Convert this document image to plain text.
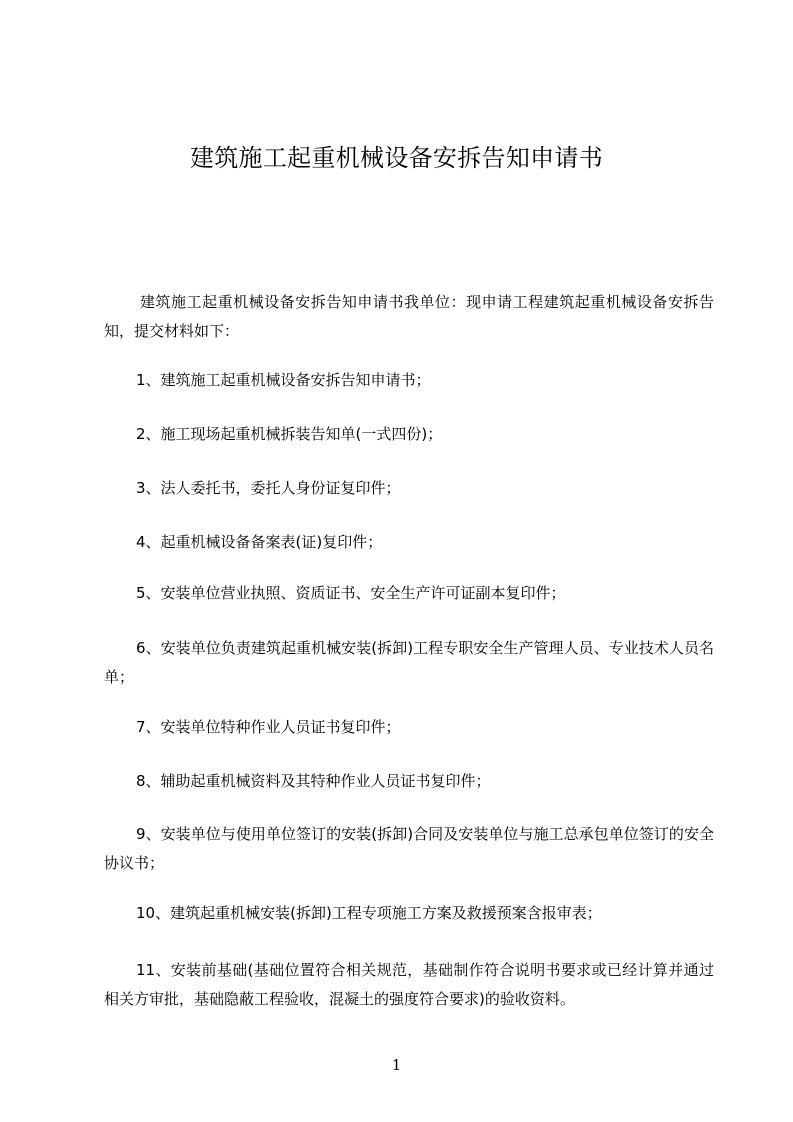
建筑施工起重机械设备安拆告知申请书

建筑施工起重机械设备安拆告知申请书我单位：现申请工程建筑起重机械设备安拆告知，提交材料如下：

1、建筑施工起重机械设备安拆告知申请书；

2、施工现场起重机械拆装告知单(一式四份)；

3、法人委托书，委托人身份证复印件；

4、起重机械设备备案表(证)复印件；

5、安装单位营业执照、资质证书、安全生产许可证副本复印件；

6、安装单位负责建筑起重机械安装(拆卸)工程专职安全生产管理人员、专业技术人员名单；

7、安装单位特种作业人员证书复印件；

8、辅助起重机械资料及其特种作业人员证书复印件；

9、安装单位与使用单位签订的安装(拆卸)合同及安装单位与施工总承包单位签订的安全协议书；

10、建筑起重机械安装(拆卸)工程专项施工方案及救援预案含报审表；

11、安装前基础(基础位置符合相关规范，基础制作符合说明书要求或已经计算并通过相关方审批，基础隐蔽工程验收，混凝土的强度符合要求)的验收资料。

1
